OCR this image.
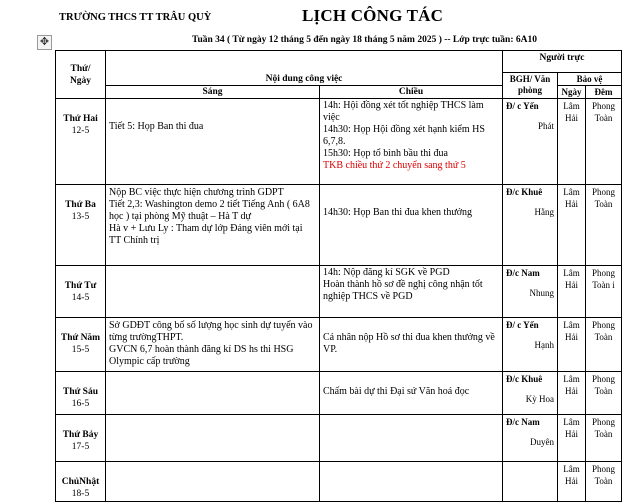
TRƯỜNG THCS TT TRÂU QUỲ	LỊCH CÔNG TÁC
✥	Tuần 34 ( Từ ngày 12 tháng 5 đến ngày 18 tháng 5 năm 2025 ) -- Lớp trực tuần: 6A10
Thứ/ Ngày			Người trực		
	Nội dung công việc		BGH/ Văn phòng	Bảo vệ	
	Sáng	Chiều		Ngày	Đêm
Thứ Hai
12-5	Tiết 5: Họp Ban thi đua	14h: Hội đồng xét tốt nghiệp THCS làm việc
14h30: Họp Hội đồng xét hạnh kiểm HS 6,7,8.
15h30: Họp tổ bình bầu thi đua
TKB chiều thứ 2 chuyển sang thứ 5	Đ/ c Yến
Phát	Lâm Hải	Phong Toàn
Thứ Ba
13-5	Nộp BC việc thực hiện chương trình GDPT
Tiết 2,3: Washington demo 2 tiết Tiếng Anh ( 6A8 học ) tại phòng Mỹ thuật – Hà T dự
Hà v + Lưu Ly : Tham dự lớp Đảng viên mới tại TT Chính trị	14h30: Họp Ban thi đua khen thưởng	Đ/c Khuê
Hằng	Lâm Hải	Phong Toàn
Thứ Tư
14-5		14h: Nộp đăng kí SGK về PGD
Hoàn thành hồ sơ đề nghị công nhận tốt nghiệp THCS về PGD	Đ/c Nam
Nhung	Lâm Hải	Phong Toàn i
Thứ Năm
15-5	Sở GDĐT công bố số lượng học sinh dự tuyển vào từng trườngTHPT.
GVCN 6,7 hoàn thành đăng kí DS hs thi HSG Olympic cấp trường	Cá nhân nộp Hồ sơ thi đua khen thưởng về VP.	Đ/ c Yến
Hạnh	Lâm Hải	Phong Toàn
Thứ Sáu
16-5		Chấm bài dự thi Đại sứ Văn hoá đọc	Đ/c Khuê
Kỳ Hoa	Lâm Hải	Phong Toàn
Thứ Bảy
17-5			Đ/c Nam
Duyên	Lâm Hải	Phong Toàn
ChủNhật
18-5				Lâm Hải	Phong Toàn
